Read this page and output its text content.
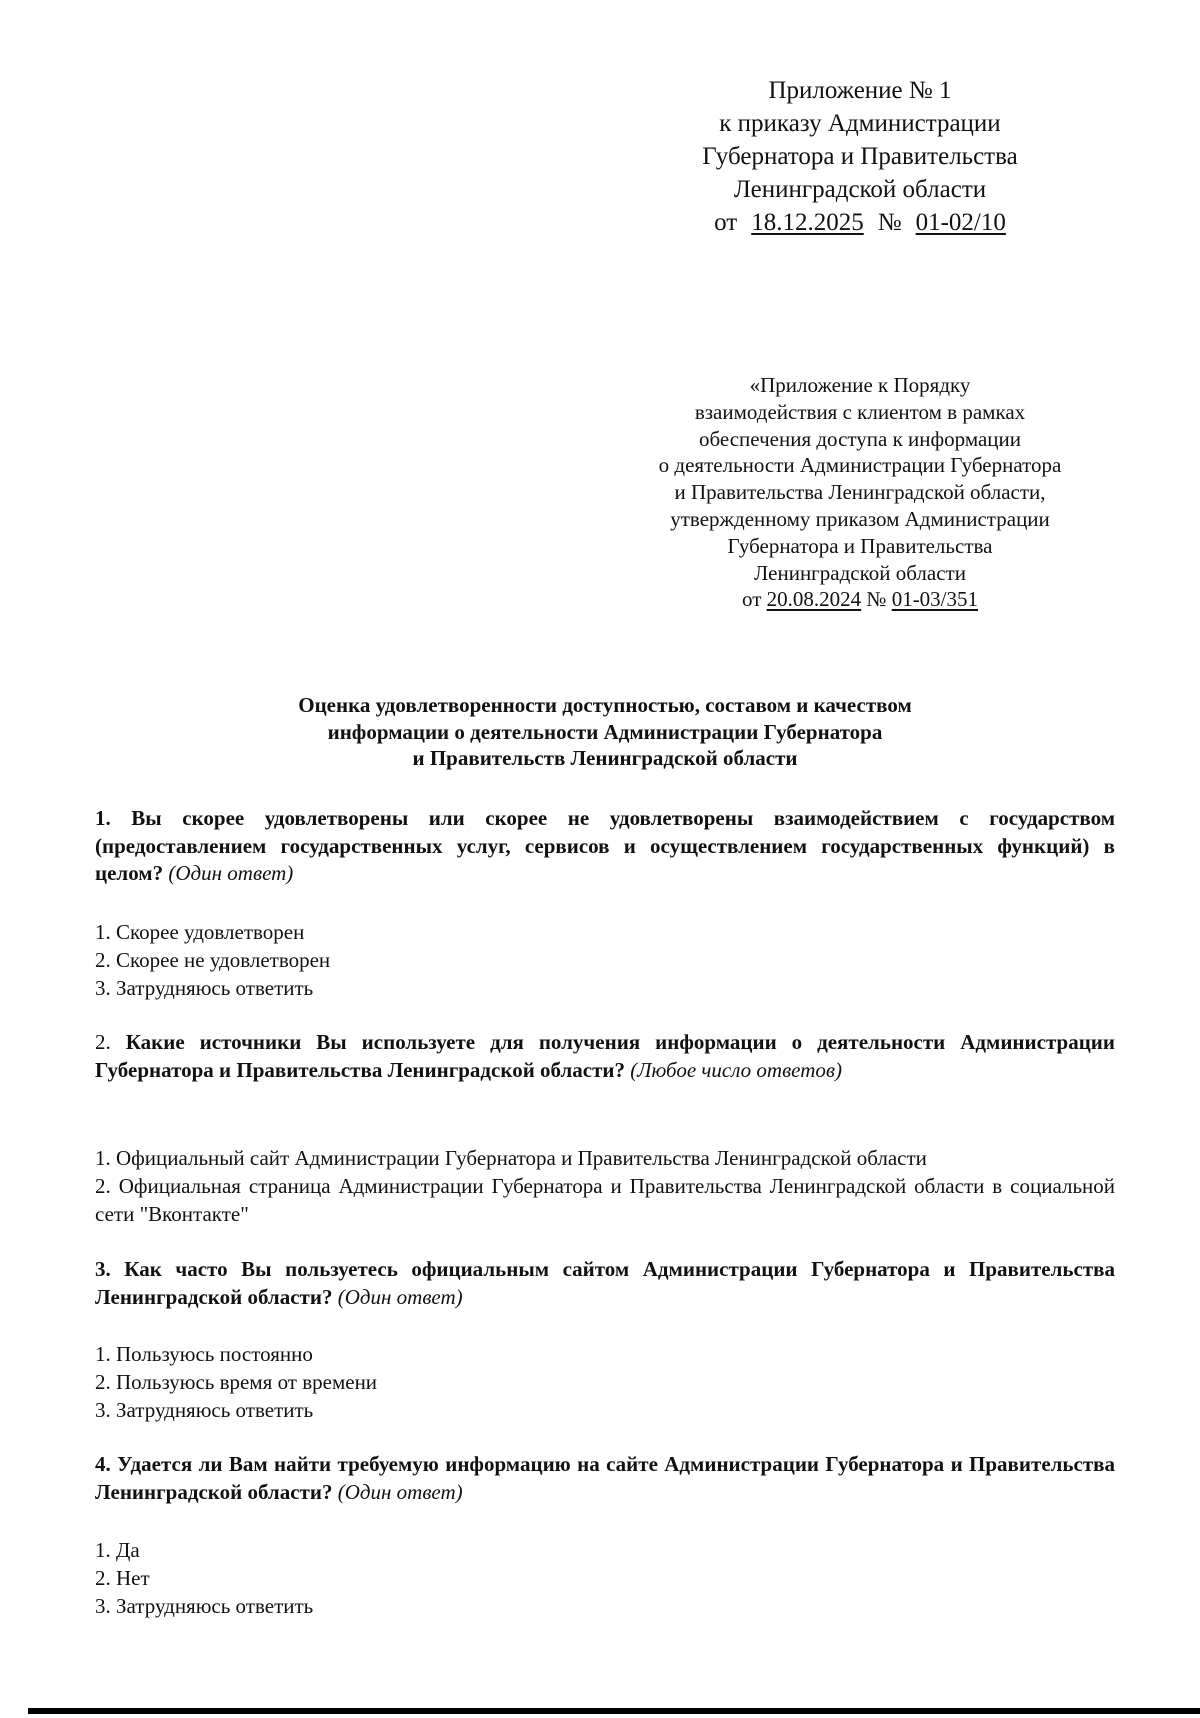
Приложение № 1
к приказу Администрации
Губернатора и Правительства
Ленинградской области
от 18.12.2025 № 01-02/10
«Приложение к Порядку
взаимодействия с клиентом в рамках
обеспечения доступа к информации
о деятельности Администрации Губернатора
и Правительства Ленинградской области,
утвержденному приказом Администрации
Губернатора и Правительства
Ленинградской области
от 20.08.2024 № 01-03/351
Оценка удовлетворенности доступностью, составом и качеством
информации о деятельности Администрации Губернатора
и Правительств Ленинградской области
1. Вы скорее удовлетворены или скорее не удовлетворены взаимодействием с государством (предоставлением государственных услуг, сервисов и осуществлением государственных функций) в целом? (Один ответ)
1. Скорее удовлетворен
2. Скорее не удовлетворен
3. Затрудняюсь ответить
2. Какие источники Вы используете для получения информации о деятельности Администрации Губернатора и Правительства Ленинградской области? (Любое число ответов)
1. Официальный сайт Администрации Губернатора и Правительства Ленинградской области
2. Официальная страница Администрации Губернатора и Правительства Ленинградской области в социальной сети "Вконтакте"
3. Как часто Вы пользуетесь официальным сайтом Администрации Губернатора и Правительства Ленинградской области? (Один ответ)
1. Пользуюсь постоянно
2. Пользуюсь время от времени
3. Затрудняюсь ответить
4. Удается ли Вам найти требуемую информацию на сайте Администрации Губернатора и Правительства Ленинградской области? (Один ответ)
1. Да
2. Нет
3. Затрудняюсь ответить
